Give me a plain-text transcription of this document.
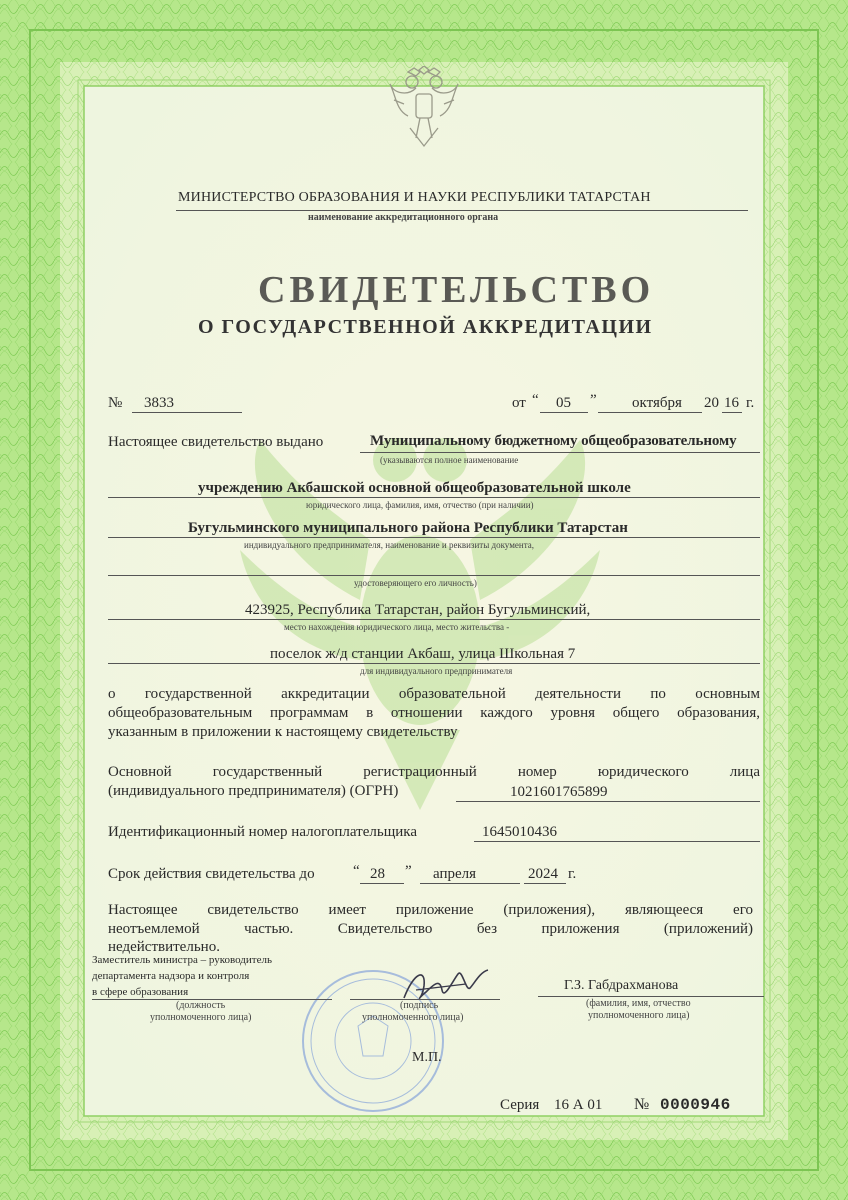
МИНИСТЕРСТВО ОБРАЗОВАНИЯ И НАУКИ РЕСПУБЛИКИ ТАТАРСТАН
наименование аккредитационного органа
СВИДЕТЕЛЬСТВО
О ГОСУДАРСТВЕННОЙ АККРЕДИТАЦИИ
№ 3833	от “ 05 ” октября 20 16 г.
Настоящее свидетельство выдано	Муниципальному бюджетному общеобразовательному
(указываются полное наименование
учреждению Акбашской основной общеобразовательной школе
юридического лица, фамилия, имя, отчество (при наличии)
Бугульминского муниципального района Республики Татарстан
индивидуального предпринимателя, наименование и реквизиты документа,
удостоверяющего его личность)
423925, Республика Татарстан, район Бугульминский,
место нахождения юридического лица, место жительства -
поселок ж/д станции Акбаш, улица Школьная 7
для индивидуального предпринимателя
о государственной аккредитации образовательной деятельности по основным
общеобразовательным программам в отношении каждого уровня общего образования,
указанным в приложении к настоящему свидетельству
Основной государственный регистрационный номер юридического лица
(индивидуального предпринимателя) (ОГРН)	1021601765899
Идентификационный номер налогоплательщика	1645010436
Срок действия свидетельства до	“ 28 ” апреля	2024 г.
Настоящее свидетельство имеет приложение (приложения), являющееся его
неотъемлемой частью. Свидетельство без приложения (приложений)
недействительно.
Заместитель министра – руководитель
департамента надзора и контроля
в сфере образования
(должность
уполномоченного лица)
(подпись
уполномоченного лица)
Г.З. Габдрахманова
(фамилия, имя, отчество
уполномоченного лица)
М.П.
Серия 16 А 01 № 0000946
